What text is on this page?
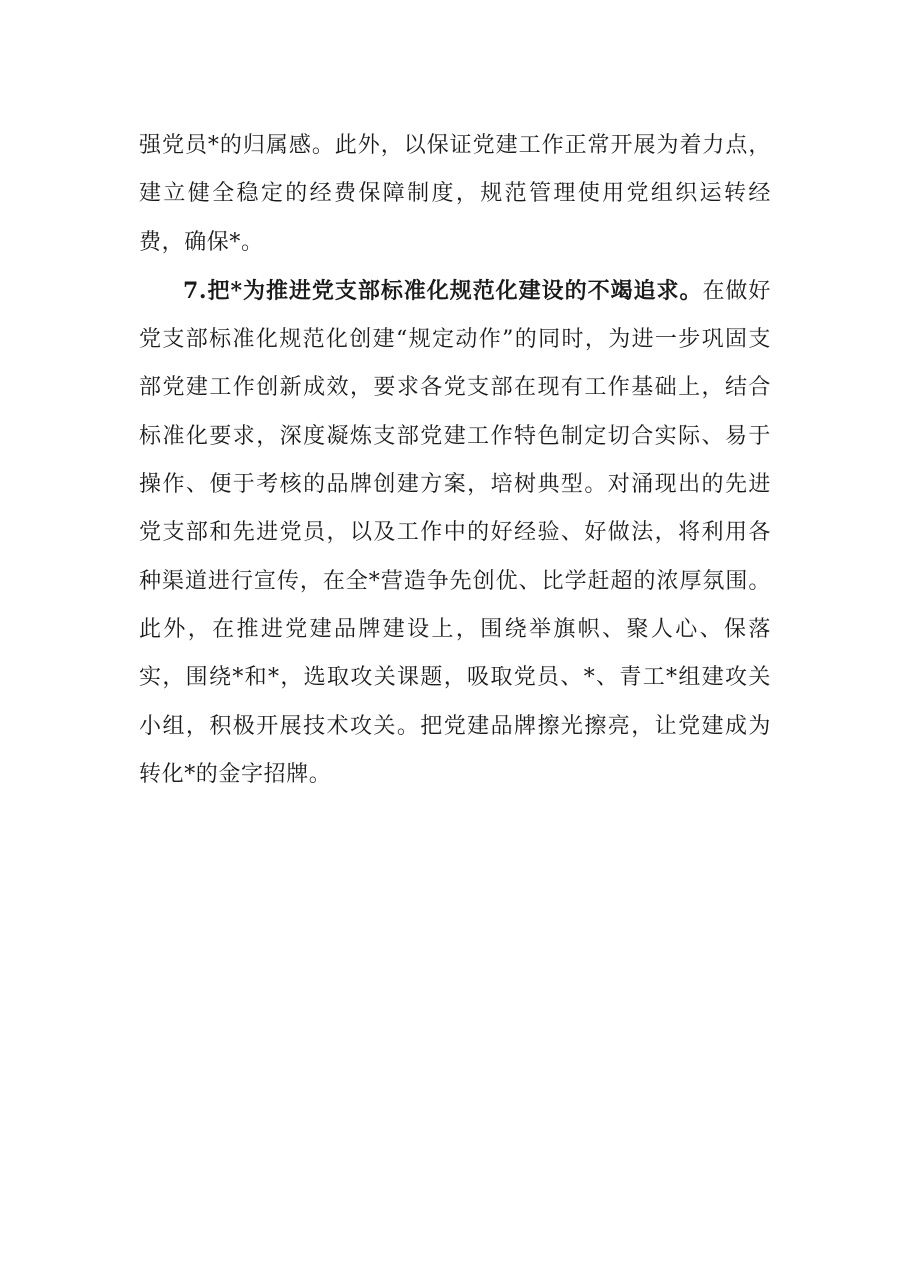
强党员*的归属感。此外，以保证党建工作正常开展为着力点，建立健全稳定的经费保障制度，规范管理使用党组织运转经费，确保*。

7.把*为推进党支部标准化规范化建设的不竭追求。在做好党支部标准化规范化创建“规定动作”的同时，为进一步巩固支部党建工作创新成效，要求各党支部在现有工作基础上，结合标准化要求，深度凝炼支部党建工作特色制定切合实际、易于操作、便于考核的品牌创建方案，培树典型。对涌现出的先进党支部和先进党员，以及工作中的好经验、好做法，将利用各种渠道进行宣传，在全*营造争先创优、比学赶超的浓厚氛围。此外，在推进党建品牌建设上，围绕举旗帜、聚人心、保落实，围绕*和*，选取攻关课题，吸取党员、*、青工*组建攻关小组，积极开展技术攻关。把党建品牌擦光擦亮，让党建成为转化*的金字招牌。
